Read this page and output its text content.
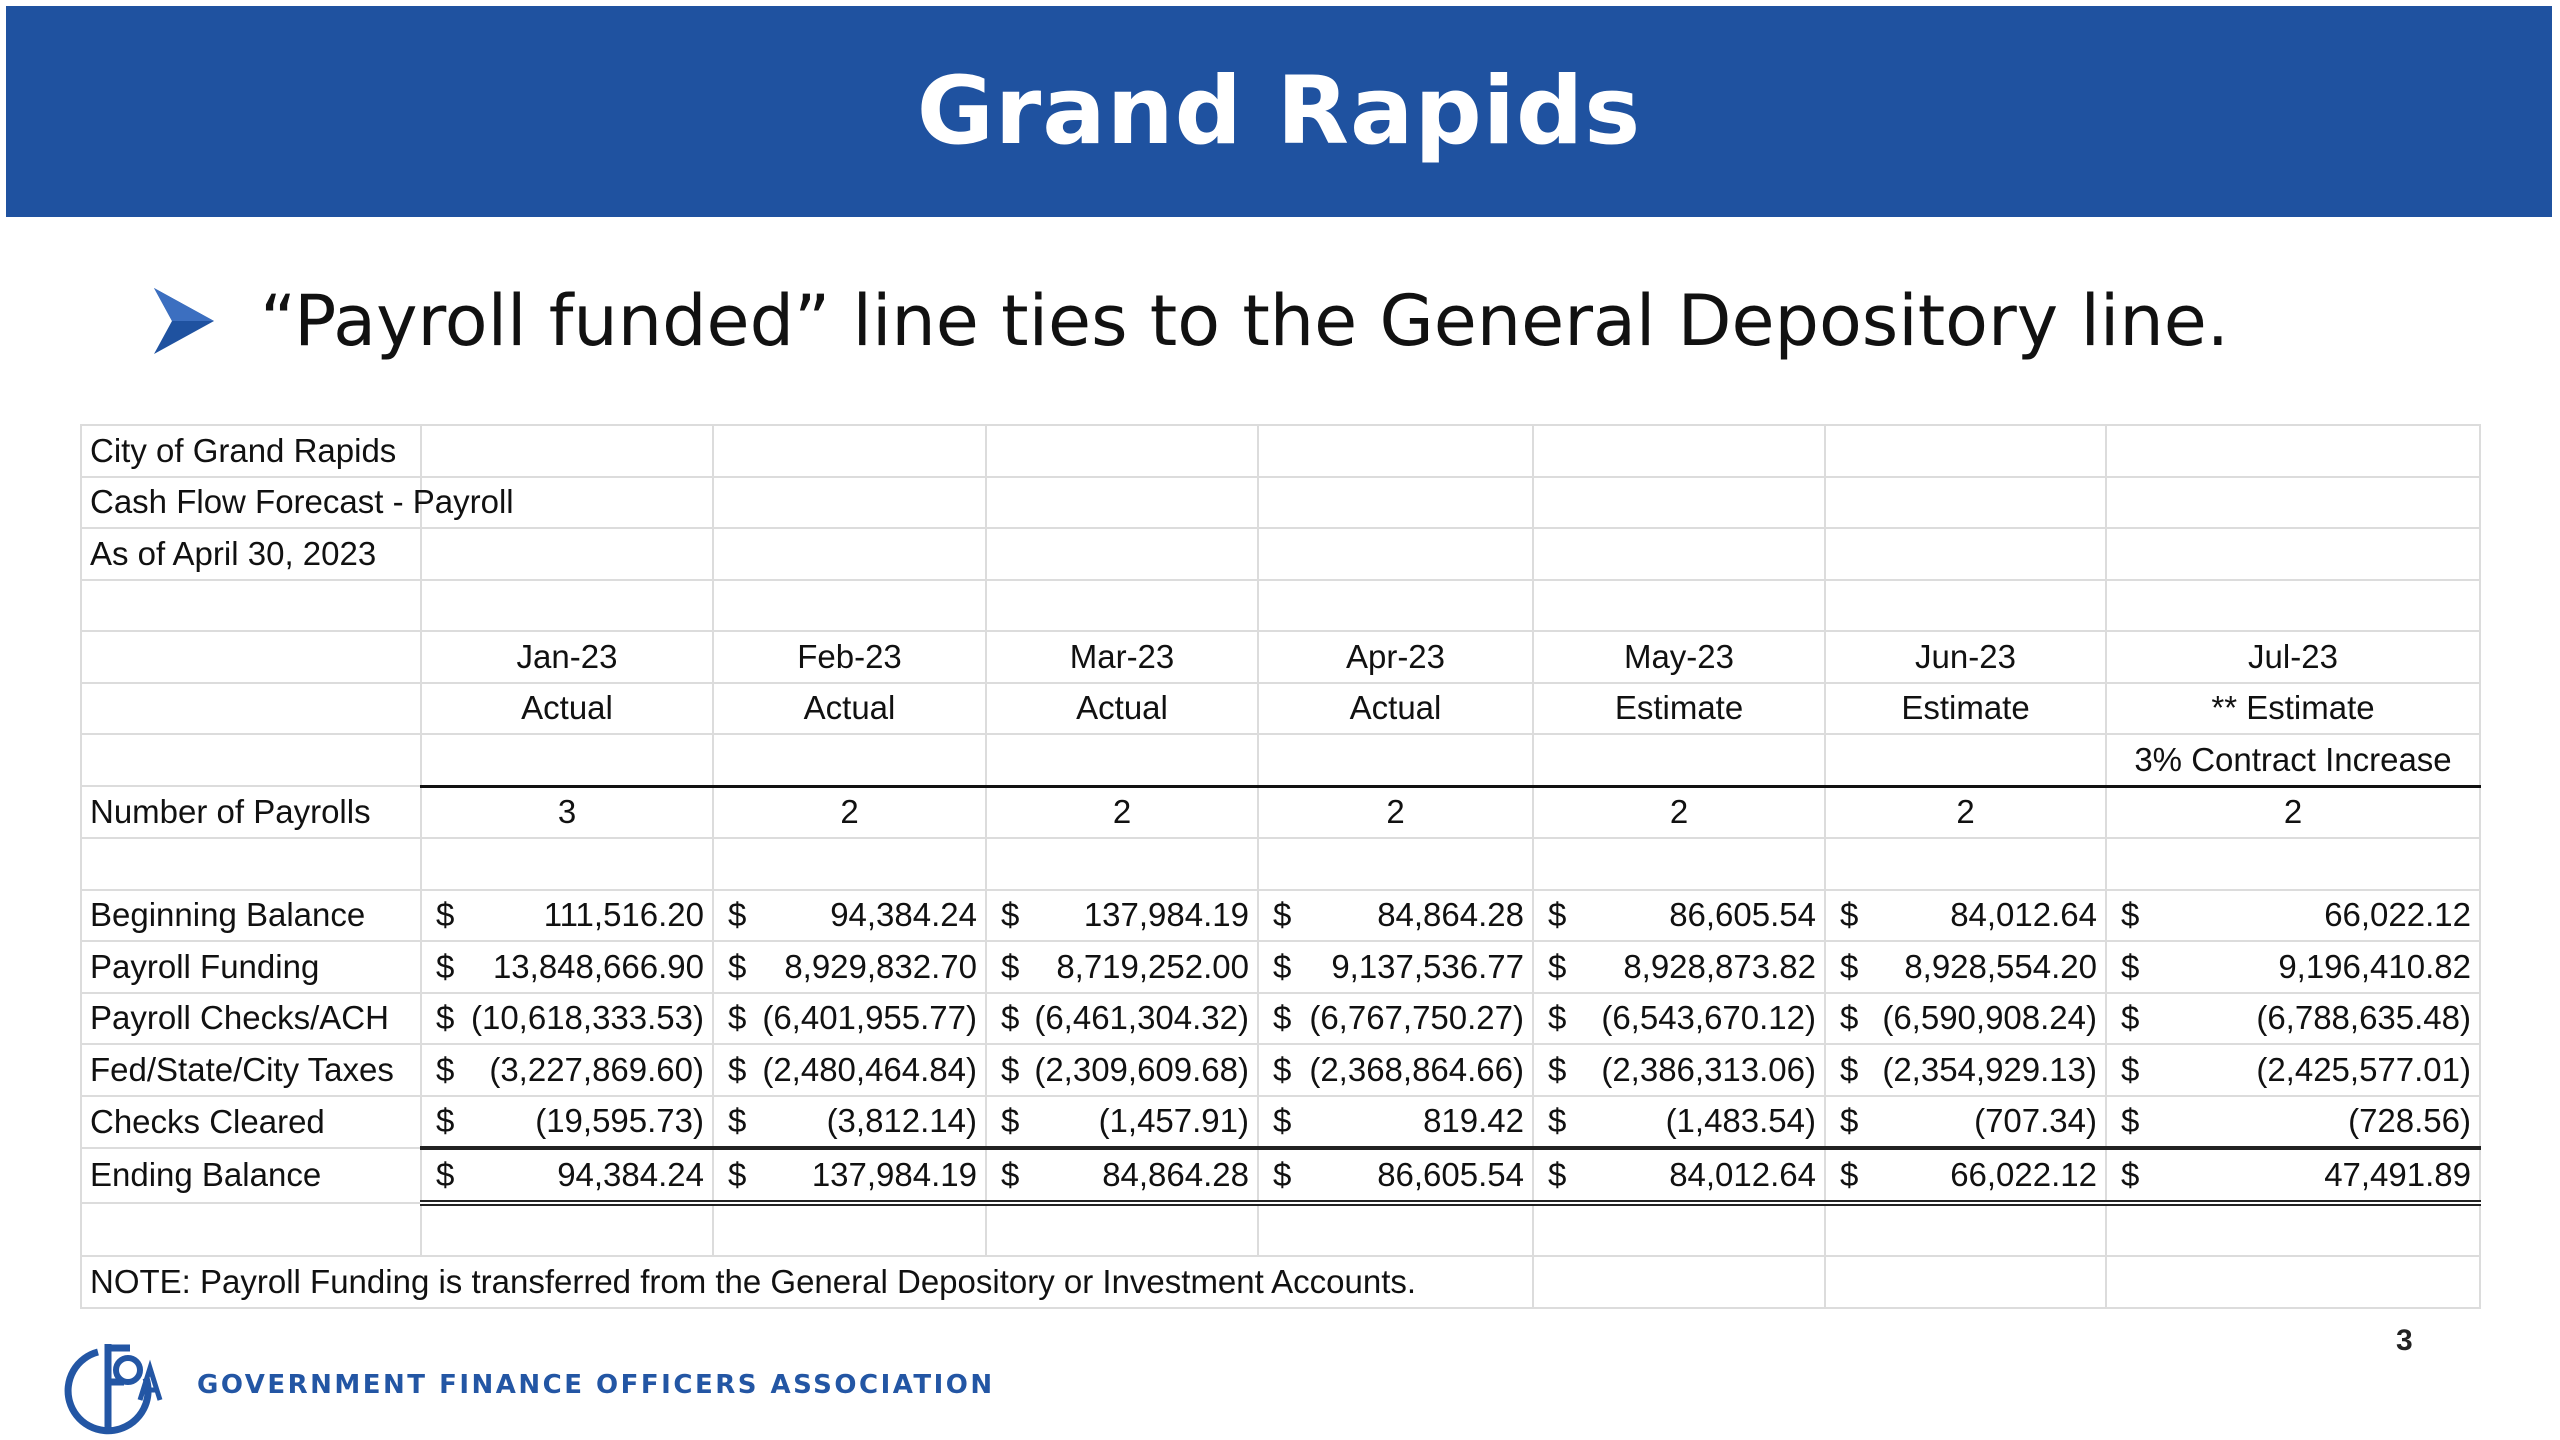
Grand Rapids
“Payroll funded” line ties to the General Depository line.
City of Grand Rapids							
Cash Flow Forecast - Payroll							
As of April 30, 2023							

	Jan-23	Feb-23	Mar-23	Apr-23	May-23	Jun-23	Jul-23
	Actual	Actual	Actual	Actual	Estimate	Estimate	** Estimate
							3% Contract Increase
Number of Payrolls	3	2	2	2	2	2	2

Beginning Balance	$ 111,516.20	$ 94,384.24	$ 137,984.19	$ 84,864.28	$ 86,605.54	$ 84,012.64	$ 66,022.12

Payroll Funding	$ 13,848,666.90	$ 8,929,832.70	$ 8,719,252.00	$ 9,137,536.77	$ 8,928,873.82	$ 8,928,554.20	$ 9,196,410.82

Payroll Checks/ACH	$ (10,618,333.53)	$ (6,401,955.77)	$ (6,461,304.32)	$ (6,767,750.27)	$ (6,543,670.12)	$ (6,590,908.24)	$ (6,788,635.48)

Fed/State/City Taxes	$ (3,227,869.60)	$ (2,480,464.84)	$ (2,309,609.68)	$ (2,368,864.66)	$ (2,386,313.06)	$ (2,354,929.13)	$ (2,425,577.01)

Checks Cleared	$ (19,595.73)	$ (3,812.14)	$ (1,457.91)	$ 819.42	$ (1,483.54)	$ (707.34)	$ (728.56)

Ending Balance	$ 94,384.24	$ 137,984.19	$ 84,864.28	$ 86,605.54	$ 84,012.64	$ 66,022.12	$ 47,491.89

NOTE: Payroll Funding is transferred from the General Depository or Investment Accounts.							
GOVERNMENT FINANCE OFFICERS ASSOCIATION
3
